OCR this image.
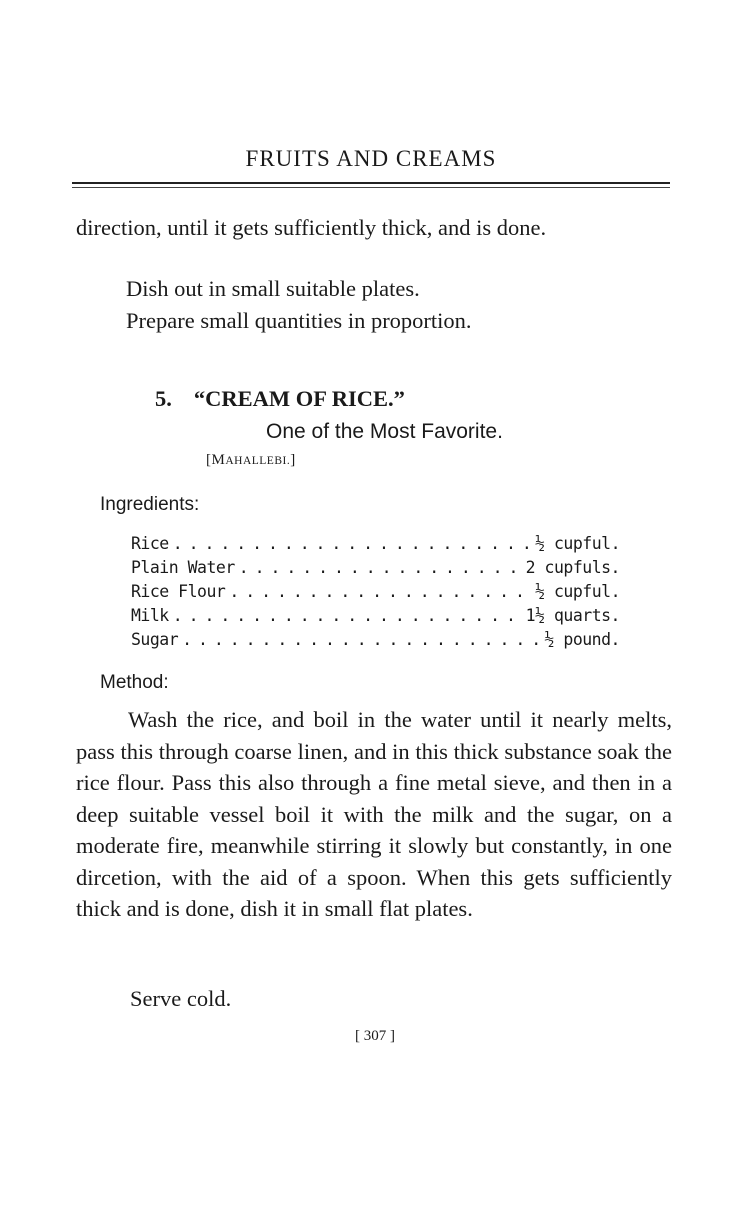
FRUITS AND CREAMS
direction, until it gets sufficiently thick, and is done.
Dish out in small suitable plates.
Prepare small quantities in proportion.
5. “CREAM OF RICE.”
One of the Most Favorite.
[MAHALLEBI.]
Ingredients:
Rice . . .	½ cupful.
Plain Water . . .	2 cupfuls.
Rice Flour . . .	½ cupful.
Milk . . .	1½ quarts.
Sugar . . .	½ pound.
Method:

Wash the rice, and boil in the water until it nearly melts, pass this through coarse linen, and in this thick substance soak the rice flour. Pass this also through a fine metal sieve, and then in a deep suitable vessel boil it with the milk and the sugar, on a moderate fire, meanwhile stirring it slowly but constantly, in one dircetion, with the aid of a spoon. When this gets sufficiently thick and is done, dish it in small flat plates.

Serve cold.
[ 307 ]
